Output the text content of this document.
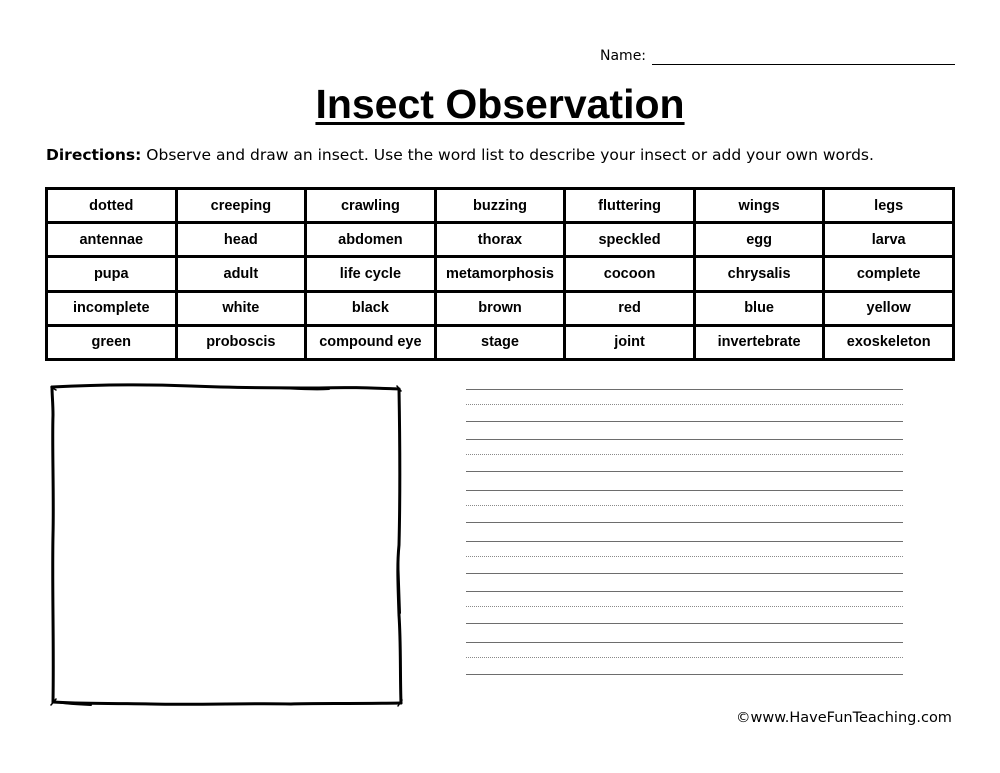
Name:
Insect Observation
Directions: Observe and draw an insect. Use the word list to describe your insect or add your own words.
dotted	creeping	crawling	buzzing	fluttering	wings	legs
antennae	head	abdomen	thorax	speckled	egg	larva
pupa	adult	life cycle	metamorphosis	cocoon	chrysalis	complete
incomplete	white	black	brown	red	blue	yellow
green	proboscis	compound eye	stage	joint	invertebrate	exoskeleton
©www.HaveFunTeaching.com
